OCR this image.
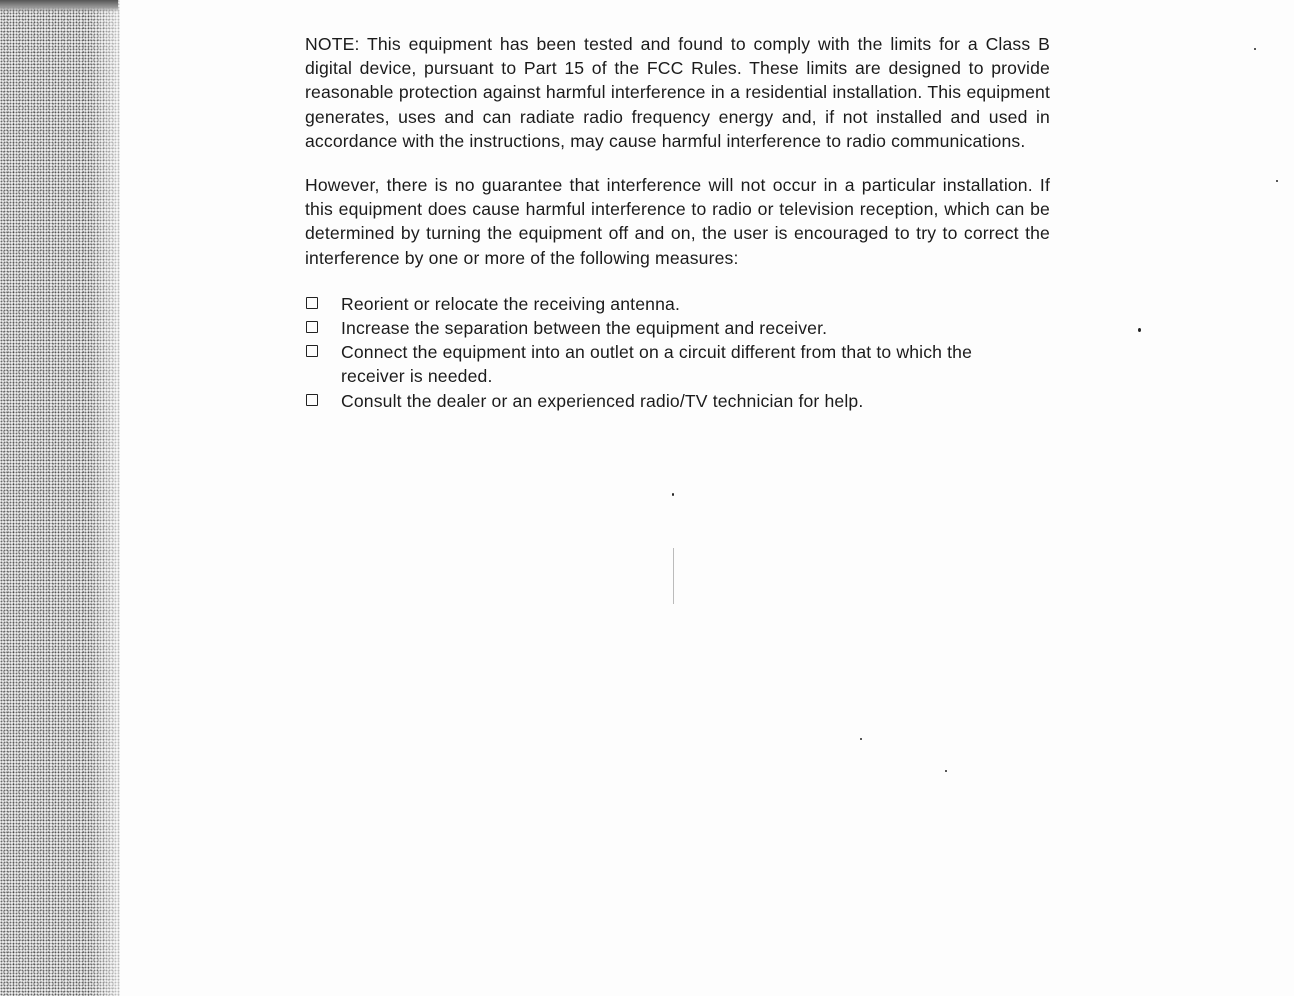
NOTE: This equipment has been tested and found to comply with the limits for a Class B digital device, pursuant to Part 15 of the FCC Rules. These limits are designed to provide reasonable protection against harmful interference in a residential installation. This equipment generates, uses and can radiate radio frequency energy and, if not installed and used in accordance with the instructions, may cause harmful interference to radio communications.

However, there is no guarantee that interference will not occur in a particular installation. If this equipment does cause harmful interference to radio or television reception, which can be determined by turning the equipment off and on, the user is encouraged to try to correct the interference by one or more of the following measures:

Reorient or relocate the receiving antenna.
Increase the separation between the equipment and receiver.
Connect the equipment into an outlet on a circuit different from that to which the receiver is needed.
Consult the dealer or an experienced radio/TV technician for help.
